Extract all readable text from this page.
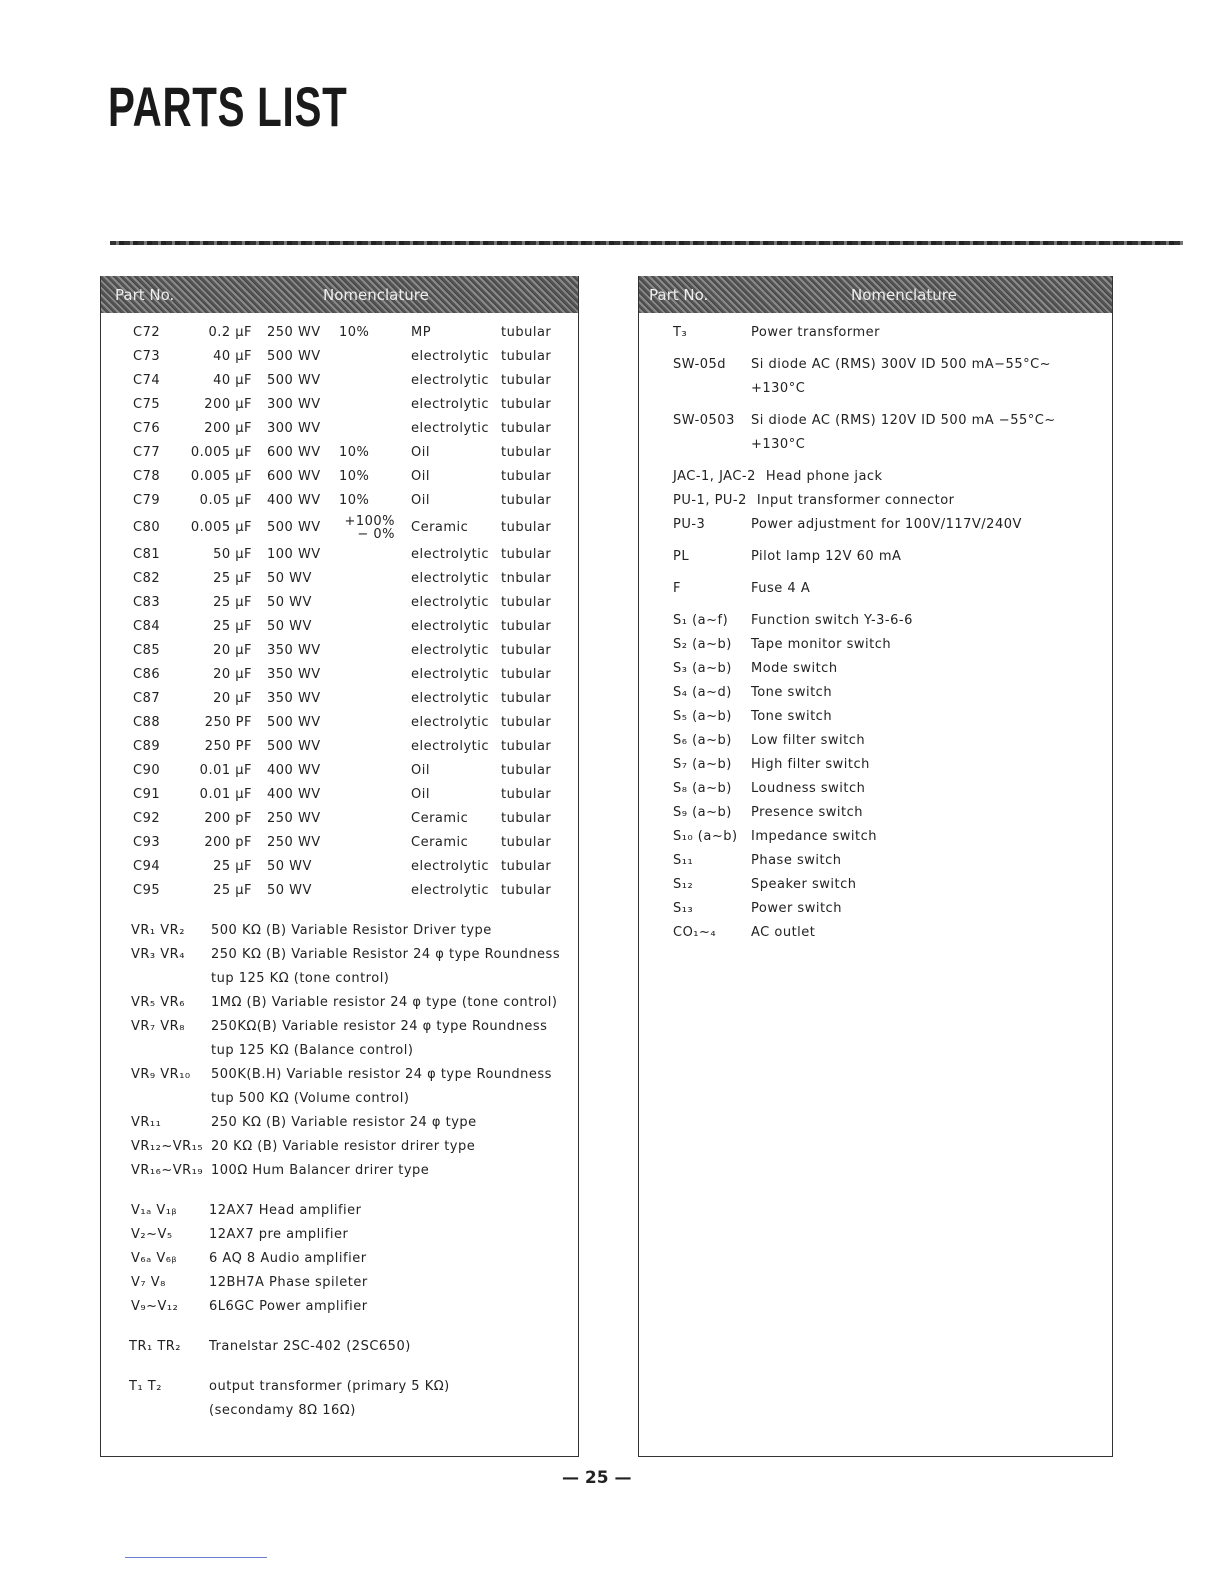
PARTS LIST
Part No.	Nomenclature
C72	0.2 µF 250 WV 10%	MP	tubular
C73	40 µF 500 WV	electrolytic tubular
C74	40 µF 500 WV	electrolytic tubular
C75	200 µF 300 WV	electrolytic tubular
C76	200 µF 300 WV	electrolytic tubular
C77 0.005 µF 600 WV 10%	Oil	tubular
C78 0.005 µF 600 WV 10%	Oil	tubular
C79	0.05 µF 400 WV 10%	Oil	tubular
C80 0.005 µF 500 WV	+100% − 0% Ceramic	tubular
C81	50 µF 100 WV	electrolytic tubular
C82	25 µF 50 WV	electrolytic tnbular
C83	25 µF 50 WV	electrolytic tubular
C84	25 µF 50 WV	electrolytic tubular
C85	20 µF 350 WV	electrolytic tubular
C86	20 µF 350 WV	electrolytic tubular
C87	20 µF 350 WV	electrolytic tubular
C88	250 PF 500 WV	electrolytic tubular
C89	250 PF 500 WV	electrolytic tubular
C90	0.01 µF 400 WV	Oil	tubular
C91	0.01 µF 400 WV	Oil	tubular
C92	200 pF 250 WV	Ceramic	tubular
C93	200 pF 250 WV	Ceramic	tubular
C94	25 µF 50 WV	electrolytic tubular
C95	25 µF 50 WV	electrolytic tubular
VR₁ VR₂	500 KΩ (B) Variable Resistor Driver type
VR₃ VR₄	250 KΩ (B) Variable Resistor 24 φ type Roundness tup 125 KΩ (tone control)
VR₅ VR₆	1MΩ (B) Variable resistor 24 φ type (tone control)
VR₇ VR₈	250KΩ(B) Variable resistor 24 φ type Roundness tup 125 KΩ (Balance control)
VR₉ VR₁₀	500K(B.H) Variable resistor 24 φ type Roundness tup 500 KΩ (Volume control)
VR₁₁	250 KΩ (B) Variable resistor 24 φ type
VR₁₂~VR₁₅ 20 KΩ (B) Variable resistor drirer type
VR₁₆~VR₁₉ 100Ω Hum Balancer drirer type
V₁ₐ V₁ᵦ	12AX7 Head amplifier
V₂~V₅	12AX7 pre amplifier
V₆ₐ V₆ᵦ	6 AQ 8 Audio amplifier
V₇ V₈	12BH7A Phase spileter
V₉~V₁₂	6L6GC Power amplifier
TR₁ TR₂	Tranelstar 2SC-402 (2SC650)
T₁ T₂	output transformer (primary 5 KΩ) (secondamy 8Ω 16Ω)
Part No.	Nomenclature
T₃	Power transformer
SW-05d	Si diode AC (RMS) 300V ID 500 mA−55°C~ +130°C
SW-0503	Si diode AC (RMS) 120V ID 500 mA −55°C~ +130°C
JAC-1, JAC-2 Head phone jack
PU-1, PU-2 Input transformer connector
PU-3	Power adjustment for 100V/117V/240V
PL	Pilot lamp 12V 60 mA
F	Fuse 4 A
S₁ (a~f)	Function switch Y-3-6-6
S₂ (a~b)	Tape monitor switch
S₃ (a~b)	Mode switch
S₄ (a~d)	Tone switch
S₅ (a~b)	Tone switch
S₆ (a~b)	Low filter switch
S₇ (a~b)	High filter switch
S₈ (a~b)	Loudness switch
S₉ (a~b)	Presence switch
S₁₀ (a~b)	Impedance switch
S₁₁	Phase switch
S₁₂	Speaker switch
S₁₃	Power switch
CO₁~₄	AC outlet
— 25 —
